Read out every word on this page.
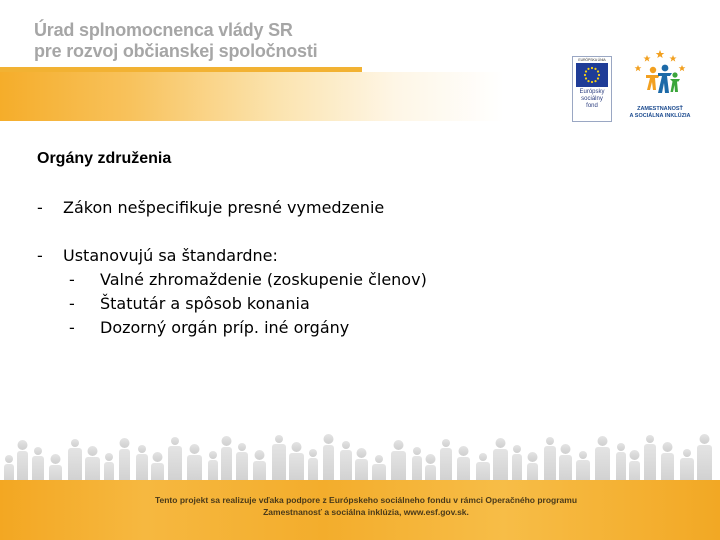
Úrad splnomocnenca vlády SR
pre rozvoj občianskej spoločnosti	EURÓPSKA ÚNIA
Európsky
sociálny
fond	ZAMESTNANOSŤ
A SOCIÁLNA INKLÚZIA
Orgány združenia
- Zákon nešpecifikuje presné vymedzenie
- Ustanovujú sa štandardne:
- Valné zhromaždenie (zoskupenie členov)
- Štatutár a spôsob konania
- Dozorný orgán príp. iné orgány
Tento projekt sa realizuje vďaka podpore z Európskeho sociálneho fondu v rámci Operačného programu
Zamestnanosť a sociálna inklúzia, www.esf.gov.sk.
